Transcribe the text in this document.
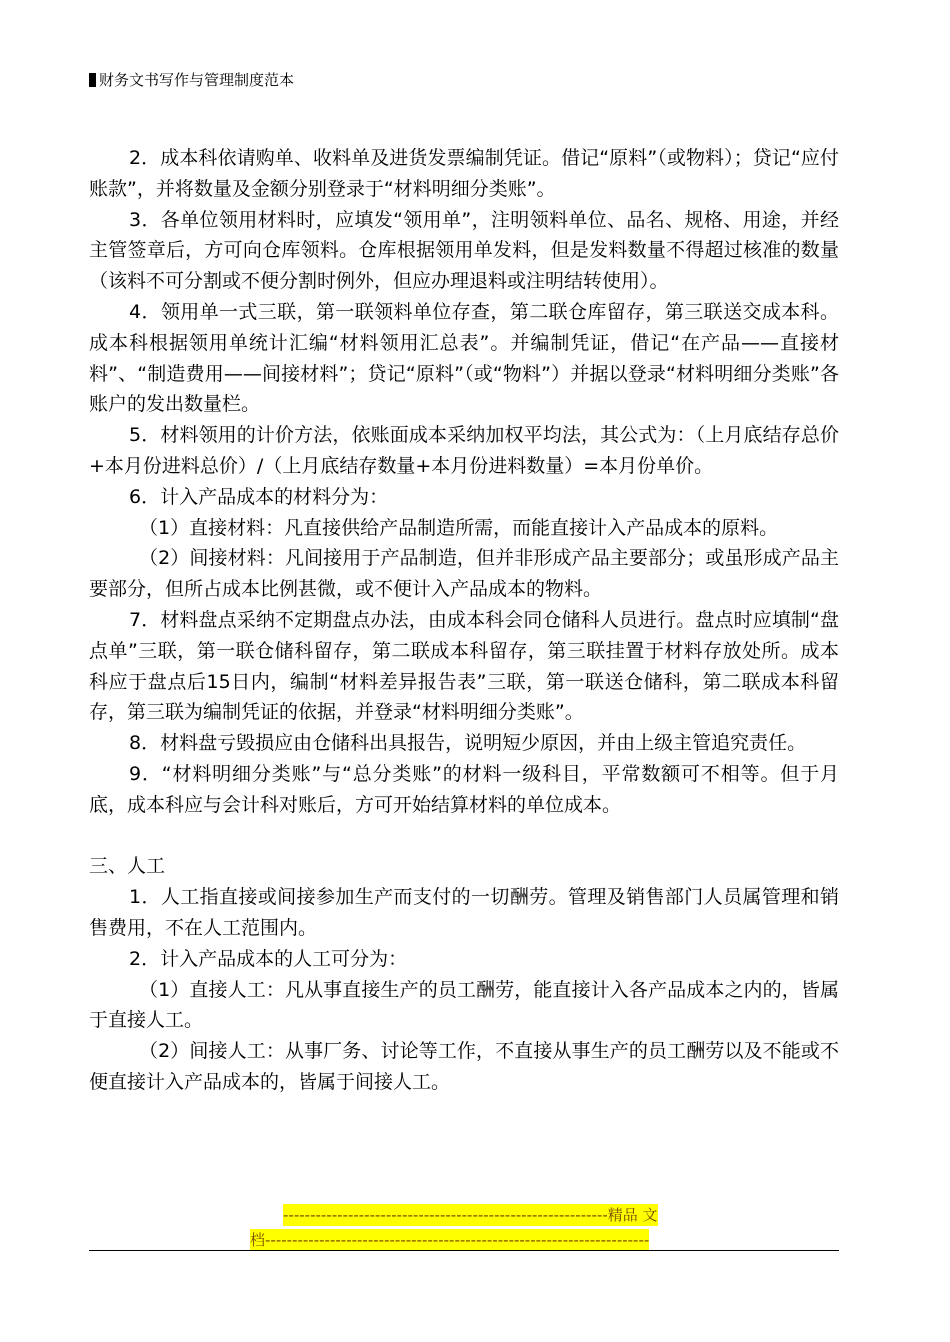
财务文书写作与管理制度范本

2．成本科依请购单、收料单及进货发票编制凭证。借记“原料”（或物料）；贷记“应付账款”，并将数量及金额分别登录于“材料明细分类账”。

3．各单位领用材料时，应填发“领用单”，注明领料单位、品名、规格、用途，并经主管签章后，方可向仓库领料。仓库根据领用单发料，但是发料数量不得超过核准的数量（该料不可分割或不便分割时例外，但应办理退料或注明结转使用）。

4．领用单一式三联，第一联领料单位存查，第二联仓库留存，第三联送交成本科。成本科根据领用单统计汇编“材料领用汇总表”。并编制凭证，借记“在产品——直接材料”、“制造费用——间接材料”；贷记“原料”（或“物料”）并据以登录“材料明细分类账”各账户的发出数量栏。

5．材料领用的计价方法，依账面成本采纳加权平均法，其公式为：（上月底结存总价+本月份进料总价）/（上月底结存数量+本月份进料数量）=本月份单价。

6．计入产品成本的材料分为：

（1）直接材料：凡直接供给产品制造所需，而能直接计入产品成本的原料。

（2）间接材料：凡间接用于产品制造，但并非形成产品主要部分；或虽形成产品主要部分，但所占成本比例甚微，或不便计入产品成本的物料。

7．材料盘点采纳不定期盘点办法，由成本科会同仓储科人员进行。盘点时应填制“盘点单”三联，第一联仓储科留存，第二联成本科留存，第三联挂置于材料存放处所。成本科应于盘点后15日内，编制“材料差异报告表”三联，第一联送仓储科，第二联成本科留存，第三联为编制凭证的依据，并登录“材料明细分类账”。

8．材料盘亏毁损应由仓储科出具报告，说明短少原因，并由上级主管追究责任。

9．“材料明细分类账”与“总分类账”的材料一级科目，平常数额可不相等。但于月底，成本科应与会计科对账后，方可开始结算材料的单位成本。

三、人工

1．人工指直接或间接参加生产而支付的一切酬劳。管理及销售部门人员属管理和销售费用，不在人工范围内。

2．计入产品成本的人工可分为：

（1）直接人工：凡从事直接生产的员工酬劳，能直接计入各产品成本之内的，皆属于直接人工。

（2）间接人工：从事厂务、讨论等工作，不直接从事生产的员工酬劳以及不能或不便直接计入产品成本的，皆属于间接人工。

------------------------------------------------------------精品 文
档-----------------------------------------------------------------------
